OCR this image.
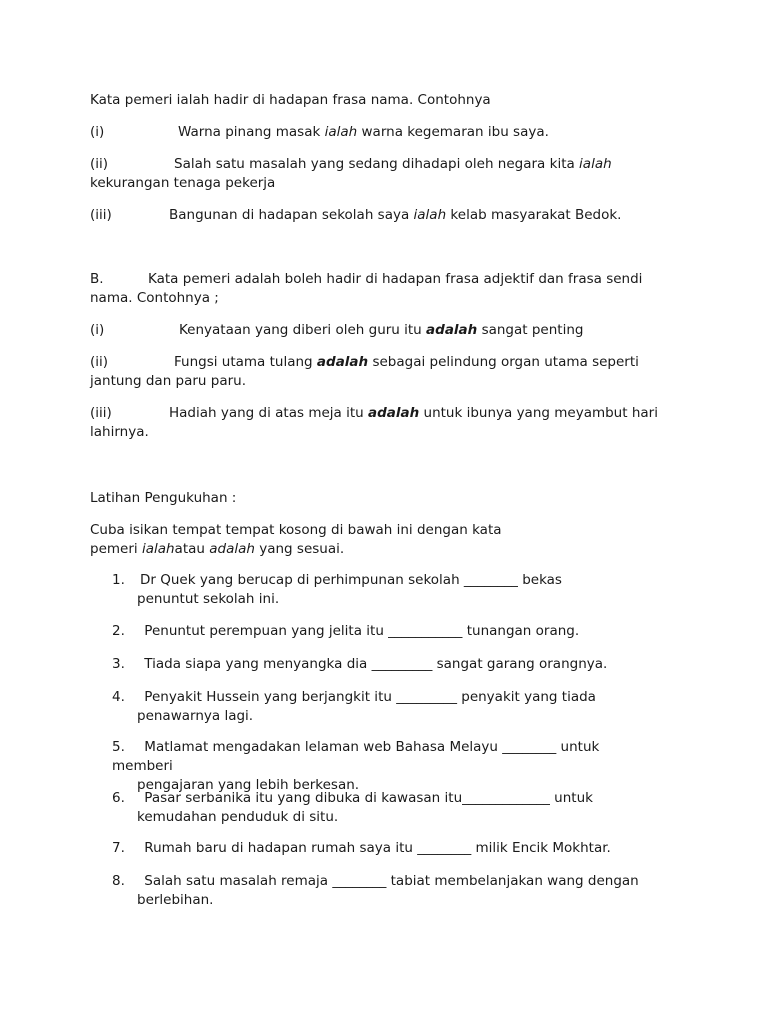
Kata pemeri ialah hadir di hadapan frasa nama. Contohnya
(i)	Warna pinang masak ialah warna kegemaran ibu saya.
(ii)	Salah satu masalah yang sedang dihadapi oleh negara kita ialah
kekurangan tenaga pekerja
(iii)	Bangunan di hadapan sekolah saya ialah kelab masyarakat Bedok.
B.	Kata pemeri adalah boleh hadir di hadapan frasa adjektif dan frasa sendi
nama. Contohnya ;
(i)	Kenyataan yang diberi oleh guru itu adalah sangat penting
(ii)	Fungsi utama tulang adalah sebagai pelindung organ utama seperti
jantung dan paru paru.
(iii)	Hadiah yang di atas meja itu adalah untuk ibunya yang meyambut hari
lahirnya.
Latihan Pengukuhan :
Cuba isikan tempat tempat kosong di bawah ini dengan kata
pemeri ialahatau adalah yang sesuai.
1. Dr Quek yang berucap di perhimpunan sekolah ________ bekas
penuntut sekolah ini.
2. Penuntut perempuan yang jelita itu ___________ tunangan orang.
3. Tiada siapa yang menyangka dia _________ sangat garang orangnya.
4. Penyakit Hussein yang berjangkit itu _________ penyakit yang tiada
penawarnya lagi.
5. Matlamat mengadakan lelaman web Bahasa Melayu ________ untuk memberi
pengajaran yang lebih berkesan.
6. Pasar serbanika itu yang dibuka di kawasan itu_____________ untuk
kemudahan penduduk di situ.
7. Rumah baru di hadapan rumah saya itu ________ milik Encik Mokhtar.
8. Salah satu masalah remaja ________ tabiat membelanjakan wang dengan
berlebihan.
